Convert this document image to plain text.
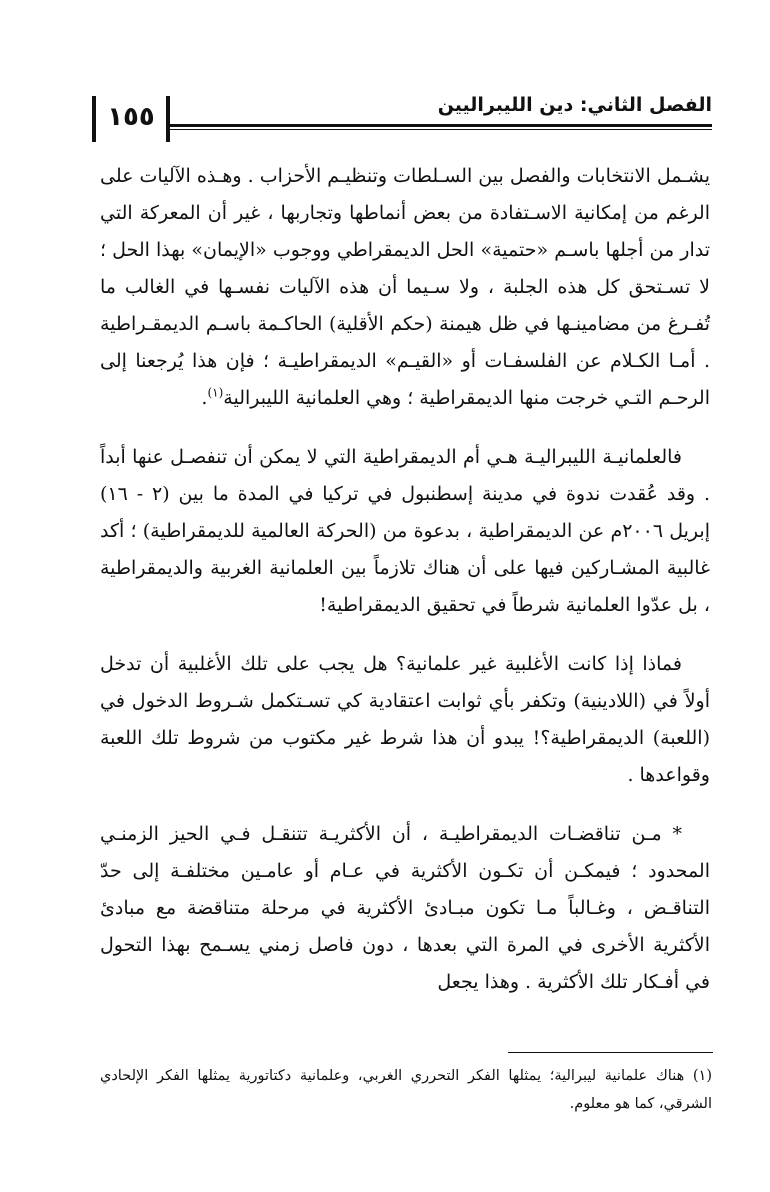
١٥٥	الفصل الثاني: دين الليبراليين

يشـمل الانتخابات والفصل بين السـلطات وتنظيـم الأحزاب . وهـذه الآليات على الرغم من إمكانية الاسـتفادة من بعض أنماطها وتجاربها ، غير أن المعركة التي تدار من أجلها باسـم «حتمية» الحل الديمقراطي ووجوب «الإيمان» بهذا الحل ؛ لا تسـتحق كل هذه الجلبة ، ولا سـيما أن هذه الآليات نفسـها في الغالب ما تُفـرغ من مضامينـها في ظل هيمنة (حكم الأقلية) الحاكـمة باسـم الديمقـراطية . أمـا الكـلام عن الفلسفـات أو «القيـم» الديمقراطيـة ؛ فإن هذا يُرجعنا إلى الرحـم التـي خرجت منها الديمقراطية ؛ وهي العلمانية الليبرالية$^{(١)}$.

فالعلمانيـة الليبراليـة هـي أم الديمقراطية التي لا يمكن أن تنفصـل عنها أبداً . وقد عُقدت ندوة في مدينة إسطنبول في تركيا في المدة ما بين (٢ - ١٦) إبريل ٢٠٠٦م عن الديمقراطية ، بدعوة من (الحركة العالمية للديمقراطية) ؛ أكد غالبية المشـاركين فيها على أن هناك تلازماً بين العلمانية الغربية والديمقراطية ، بل عدّوا العلمانية شرطاً في تحقيق الديمقراطية!

فماذا إذا كانت الأغلبية غير علمانية؟ هل يجب على تلك الأغلبية أن تدخل أولاً في (اللادينية) وتكفر بأي ثوابت اعتقادية كي تسـتكمل شـروط الدخول في (اللعبة) الديمقراطية؟! يبدو أن هذا شرط غير مكتوب من شروط تلك اللعبة وقواعدها .

* مـن تناقضـات الديمقراطيـة ، أن الأكثريـة تتنقـل فـي الحيز الزمنـي المحدود ؛ فيمكـن أن تكـون الأكثرية في عـام أو عامـين مختلفـة إلى حدّ التناقـض ، وغـالباً مـا تكون مبـادئ الأكثرية في مرحلة متناقضة مع مبادئ الأكثرية الأخرى في المرة التي بعدها ، دون فاصل زمني يسـمح بهذا التحول في أفـكار تلك الأكثرية . وهذا يجعل

(١) هناك علمانية ليبرالية؛ يمثلها الفكر التحرري الغربي، وعلمانية دكتاتورية يمثلها الفكر الإلحادي الشرقي، كما هو معلوم.
